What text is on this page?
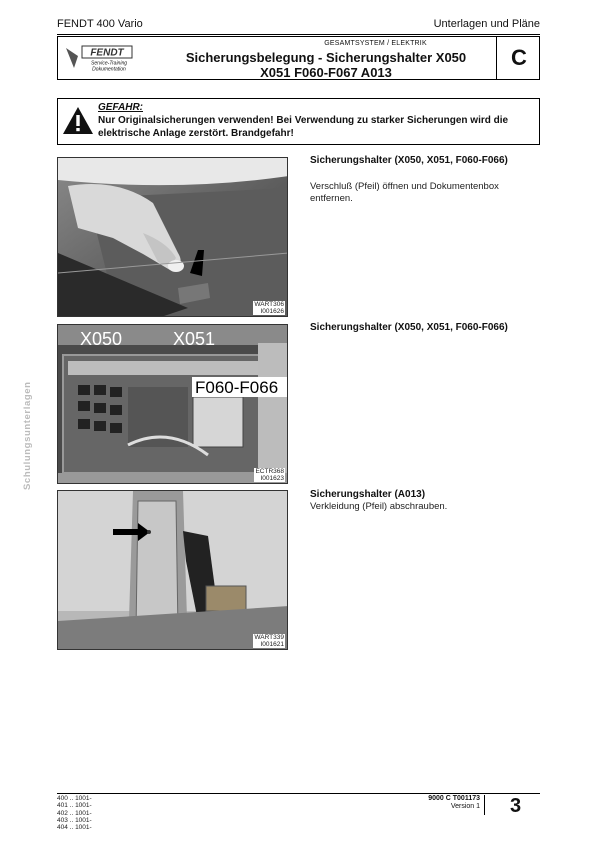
FENDT 400 Vario	Unterlagen und Pläne
FENDT
Service-Training
Dokumentation
GESAMTSYSTEM / ELEKTRIK
Sicherungsbelegung - Sicherungshalter X050
X051 F060-F067 A013
C
GEFAHR:
Nur Originalsicherungen verwenden! Bei Verwendung zu starker Sicherungen wird die elektrische Anlage zerstört. Brandgefahr!
WART306
I001626
X050	X051
F060-F066
ECTR368
I001623
WART339
I001621
Sicherungshalter (X050, X051, F060-F066)
Verschluß (Pfeil) öffnen und Dokumentenbox entfernen.
Sicherungshalter (X050, X051, F060-F066)
Sicherungshalter (A013)
Verkleidung (Pfeil) abschrauben.
Schulungsunterlagen
400 .. 1001-
401 .. 1001-
402 .. 1001-
403 .. 1001-
404 .. 1001-
9000 C T001173
Version 1 3
